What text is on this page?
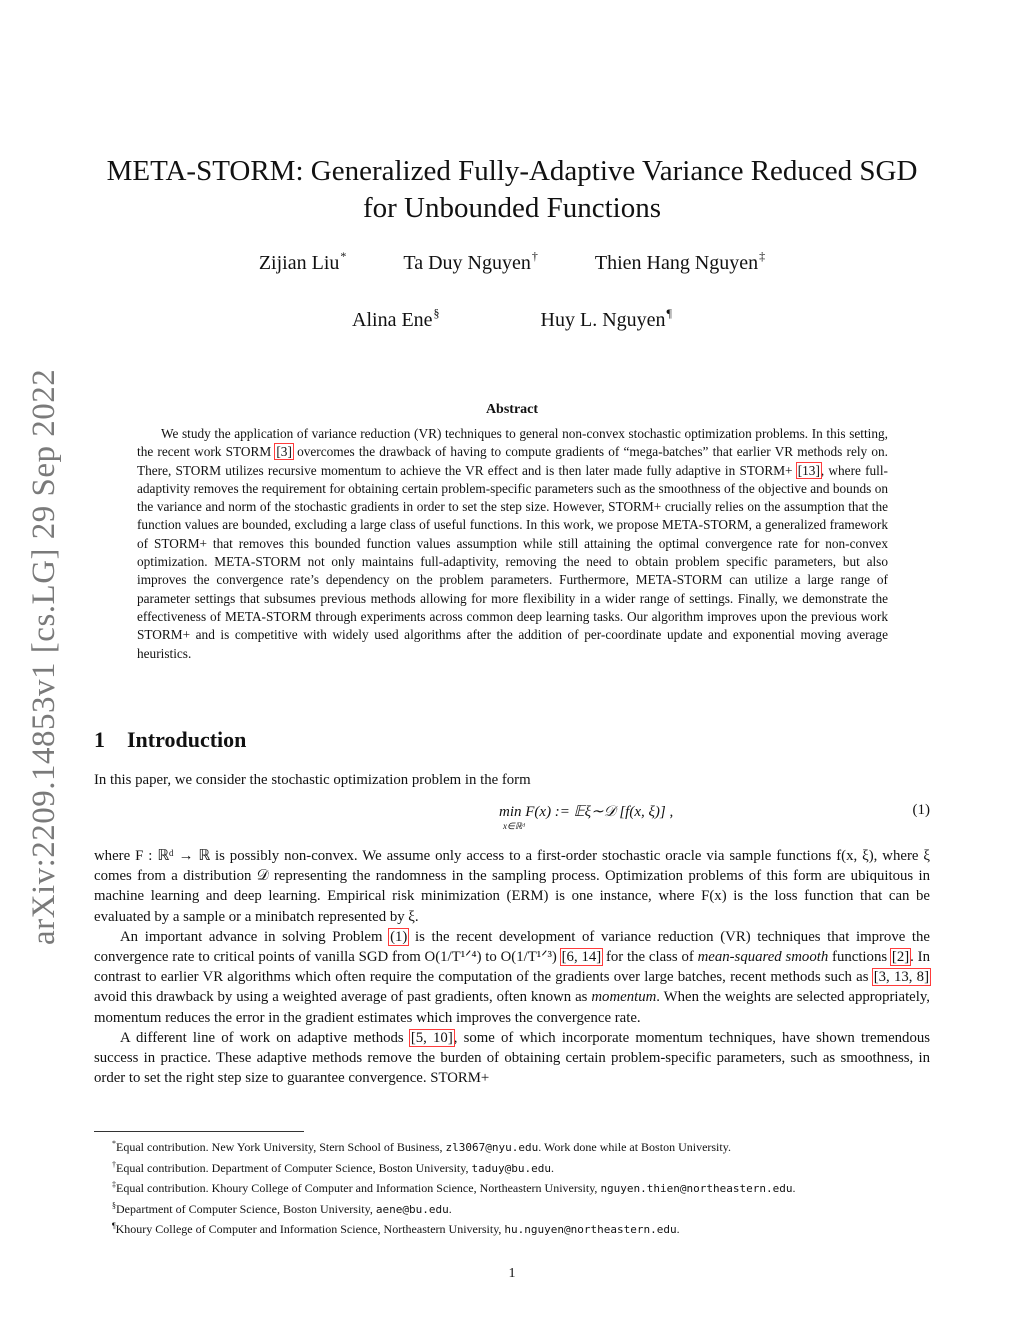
arXiv:2209.14853v1 [cs.LG] 29 Sep 2022
META-STORM: Generalized Fully-Adaptive Variance Reduced SGD
for Unbounded Functions
Zijian Liu*	Ta Duy Nguyen†	Thien Hang Nguyen‡
Alina Ene§	Huy L. Nguyen¶
Abstract
We study the application of variance reduction (VR) techniques to general non-convex stochastic optimization problems. In this setting, the recent work STORM [3] overcomes the drawback of having to compute gradients of “mega-batches” that earlier VR methods rely on. There, STORM utilizes recursive momentum to achieve the VR effect and is then later made fully adaptive in STORM+ [13], where full-adaptivity removes the requirement for obtaining certain problem-specific parameters such as the smoothness of the objective and bounds on the variance and norm of the stochastic gradients in order to set the step size. However, STORM+ crucially relies on the assumption that the function values are bounded, excluding a large class of useful functions. In this work, we propose META-STORM, a generalized framework of STORM+ that removes this bounded function values assumption while still attaining the optimal convergence rate for non-convex optimization. META-STORM not only maintains full-adaptivity, removing the need to obtain problem specific parameters, but also improves the convergence rate’s dependency on the problem parameters. Furthermore, META-STORM can utilize a large range of parameter settings that subsumes previous methods allowing for more flexibility in a wider range of settings. Finally, we demonstrate the effectiveness of META-STORM through experiments across common deep learning tasks. Our algorithm improves upon the previous work STORM+ and is competitive with widely used algorithms after the addition of per-coordinate update and exponential moving average heuristics.
1 Introduction
In this paper, we consider the stochastic optimization problem in the form
min F(x) := 𝔼ξ∼𝒟 [f(x, ξ)] ,
x∈ℝᵈ
(1)
where F : ℝᵈ → ℝ is possibly non-convex. We assume only access to a first-order stochastic oracle via sample functions f(x, ξ), where ξ comes from a distribution 𝒟 representing the randomness in the sampling process. Optimization problems of this form are ubiquitous in machine learning and deep learning. Empirical risk minimization (ERM) is one instance, where F(x) is the loss function that can be evaluated by a sample or a minibatch represented by ξ.
An important advance in solving Problem (1) is the recent development of variance reduction (VR) techniques that improve the convergence rate to critical points of vanilla SGD from O(1/T¹ᐟ⁴) to O(1/T¹ᐟ³) [6, 14] for the class of mean-squared smooth functions [2]. In contrast to earlier VR algorithms which often require the computation of the gradients over large batches, recent methods such as [3, 13, 8] avoid this drawback by using a weighted average of past gradients, often known as momentum. When the weights are selected appropriately, momentum reduces the error in the gradient estimates which improves the convergence rate.
A different line of work on adaptive methods [5, 10], some of which incorporate momentum techniques, have shown tremendous success in practice. These adaptive methods remove the burden of obtaining certain problem-specific parameters, such as smoothness, in order to set the right step size to guarantee convergence. STORM+
*Equal contribution. New York University, Stern School of Business, zl3067@nyu.edu. Work done while at Boston University.
†Equal contribution. Department of Computer Science, Boston University, taduy@bu.edu.
‡Equal contribution. Khoury College of Computer and Information Science, Northeastern University, nguyen.thien@northeastern.edu.
§Department of Computer Science, Boston University, aene@bu.edu.
¶Khoury College of Computer and Information Science, Northeastern University, hu.nguyen@northeastern.edu.
1
